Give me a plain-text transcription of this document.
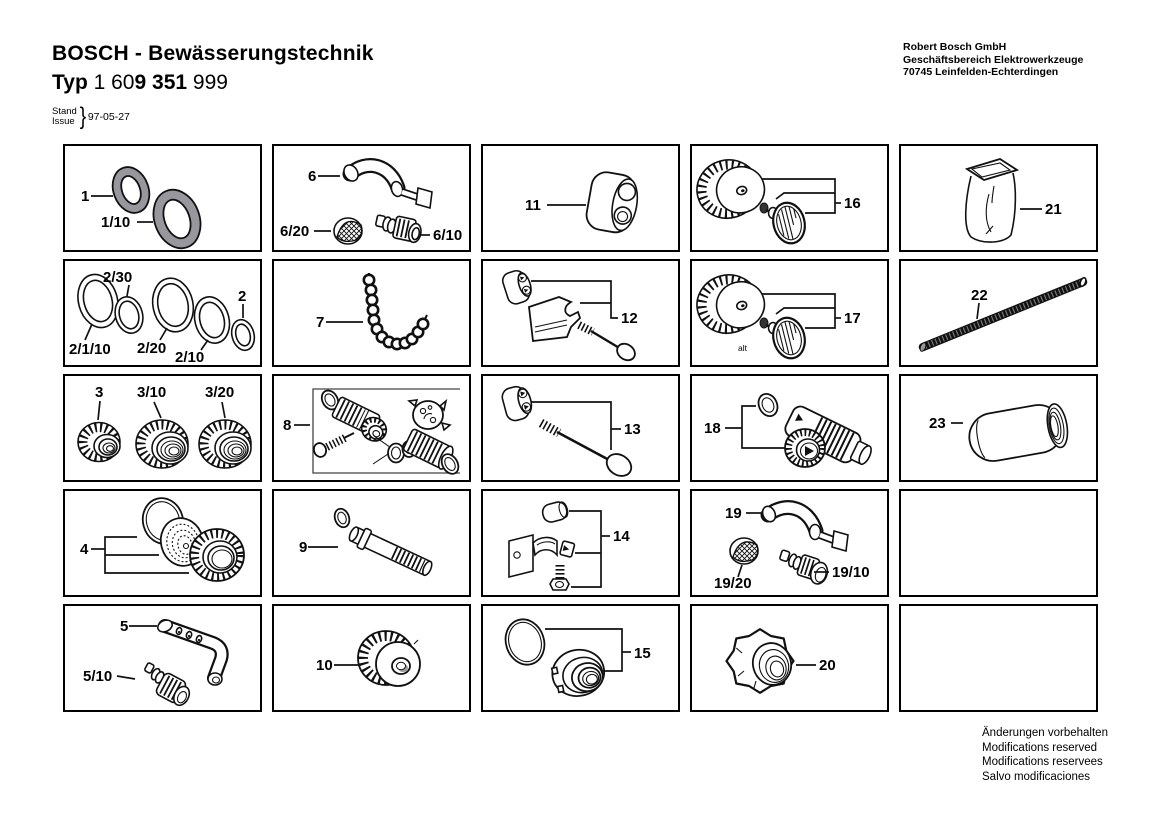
BOSCH - Bewässerungstechnik
Typ 1 609 351 999
Stand
Issue } 97-05-27
Robert Bosch GmbH
Geschäftsbereich Elektrowerkzeuge
70745 Leinfelden-Echterdingen
Änderungen vorbehalten
Modifications reserved
Modifications reservees
Salvo modificaciones
1
1/10
6
6/20	6/10
11	16	21
2/30
2
2/1/10 2/20
2/10
7	12	17
alt
22
3 3/10	3/20
8	13	18	23
4	9
14
19
19/20
19/10
5
5/10
10
15
20
